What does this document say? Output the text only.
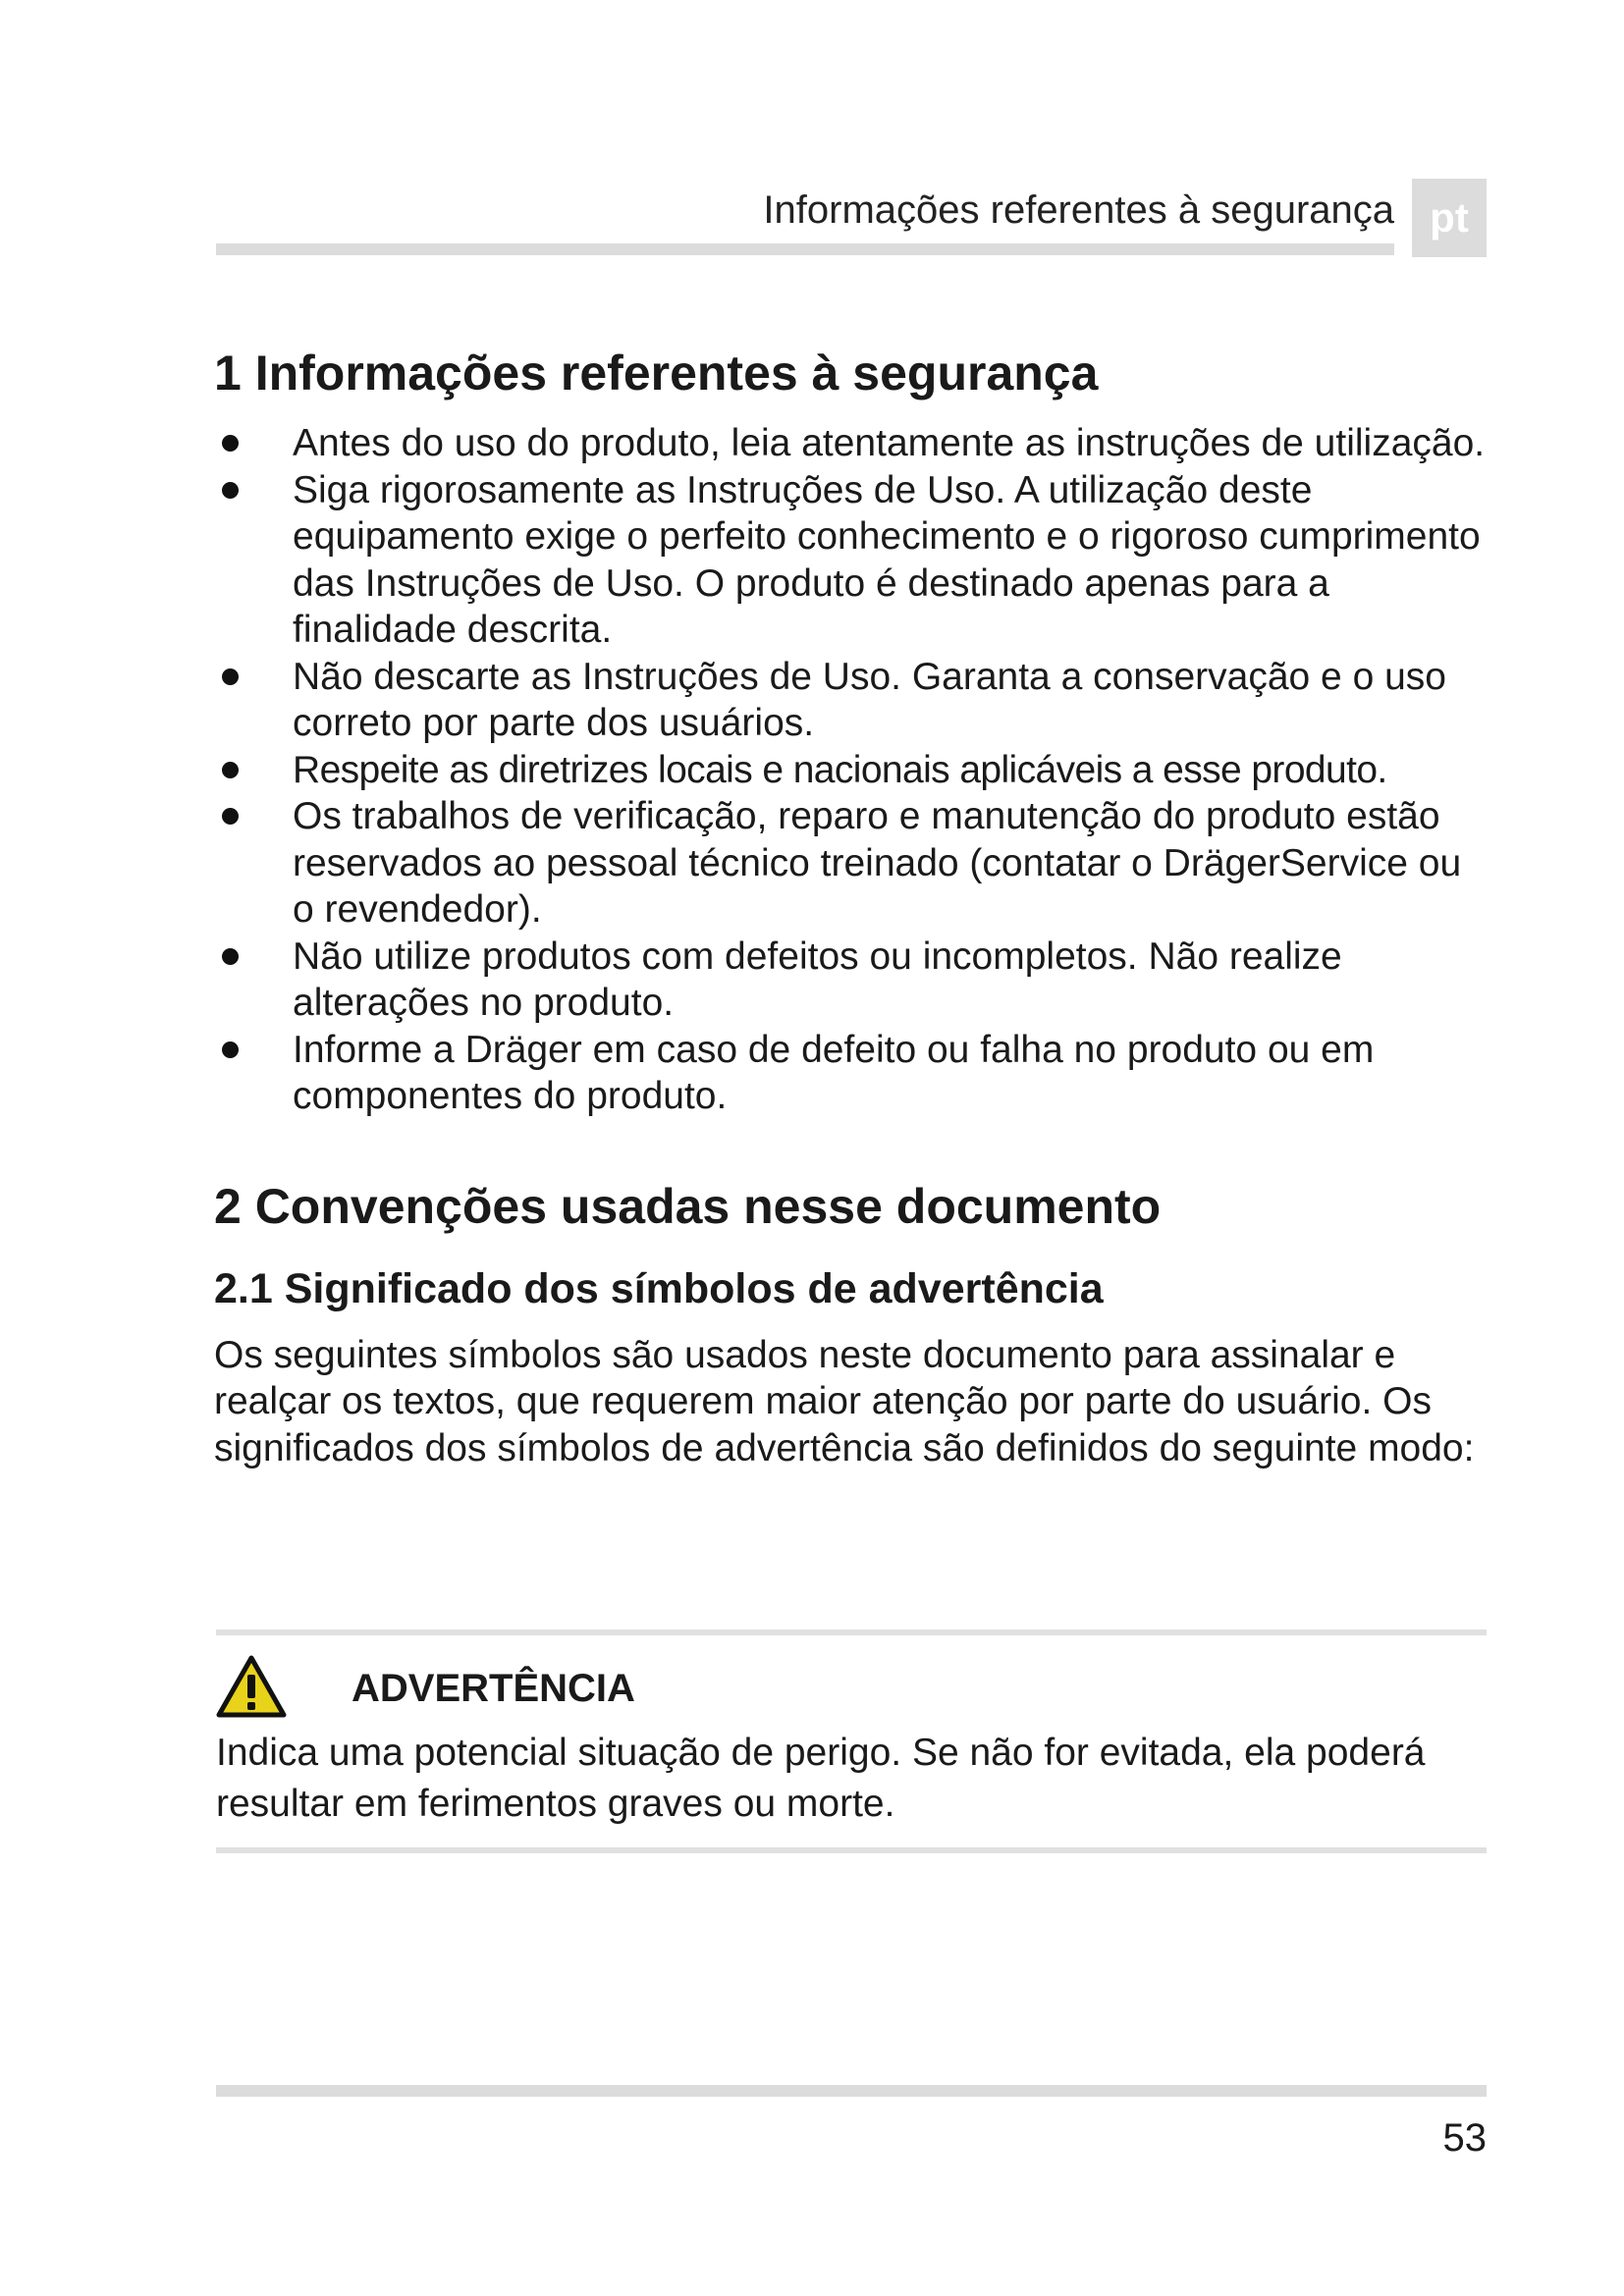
Informações referentes à segurança pt
1 Informações referentes à segurança
Antes do uso do produto, leia atentamente as instruções de utilização.
Siga rigorosamente as Instruções de Uso. A utilização deste equipamento exige o perfeito conhecimento e o rigoroso cumprimento das Instruções de Uso. O produto é destinado apenas para a finalidade descrita.
Não descarte as Instruções de Uso. Garanta a conservação e o uso correto por parte dos usuários.
Respeite as diretrizes locais e nacionais aplicáveis a esse produto.
Os trabalhos de verificação, reparo e manutenção do produto estão reservados ao pessoal técnico treinado (contatar o DrägerService ou o revendedor).
Não utilize produtos com defeitos ou incompletos. Não realize alterações no produto.
Informe a Dräger em caso de defeito ou falha no produto ou em componentes do produto.
2 Convenções usadas nesse documento
2.1 Significado dos símbolos de advertência

Os seguintes símbolos são usados neste documento para assinalar e realçar os textos, que requerem maior atenção por parte do usuário. Os significados dos símbolos de advertência são definidos do seguinte modo:

ADVERTÊNCIA
Indica uma potencial situação de perigo. Se não for evitada, ela poderá resultar em ferimentos graves ou morte.
53
